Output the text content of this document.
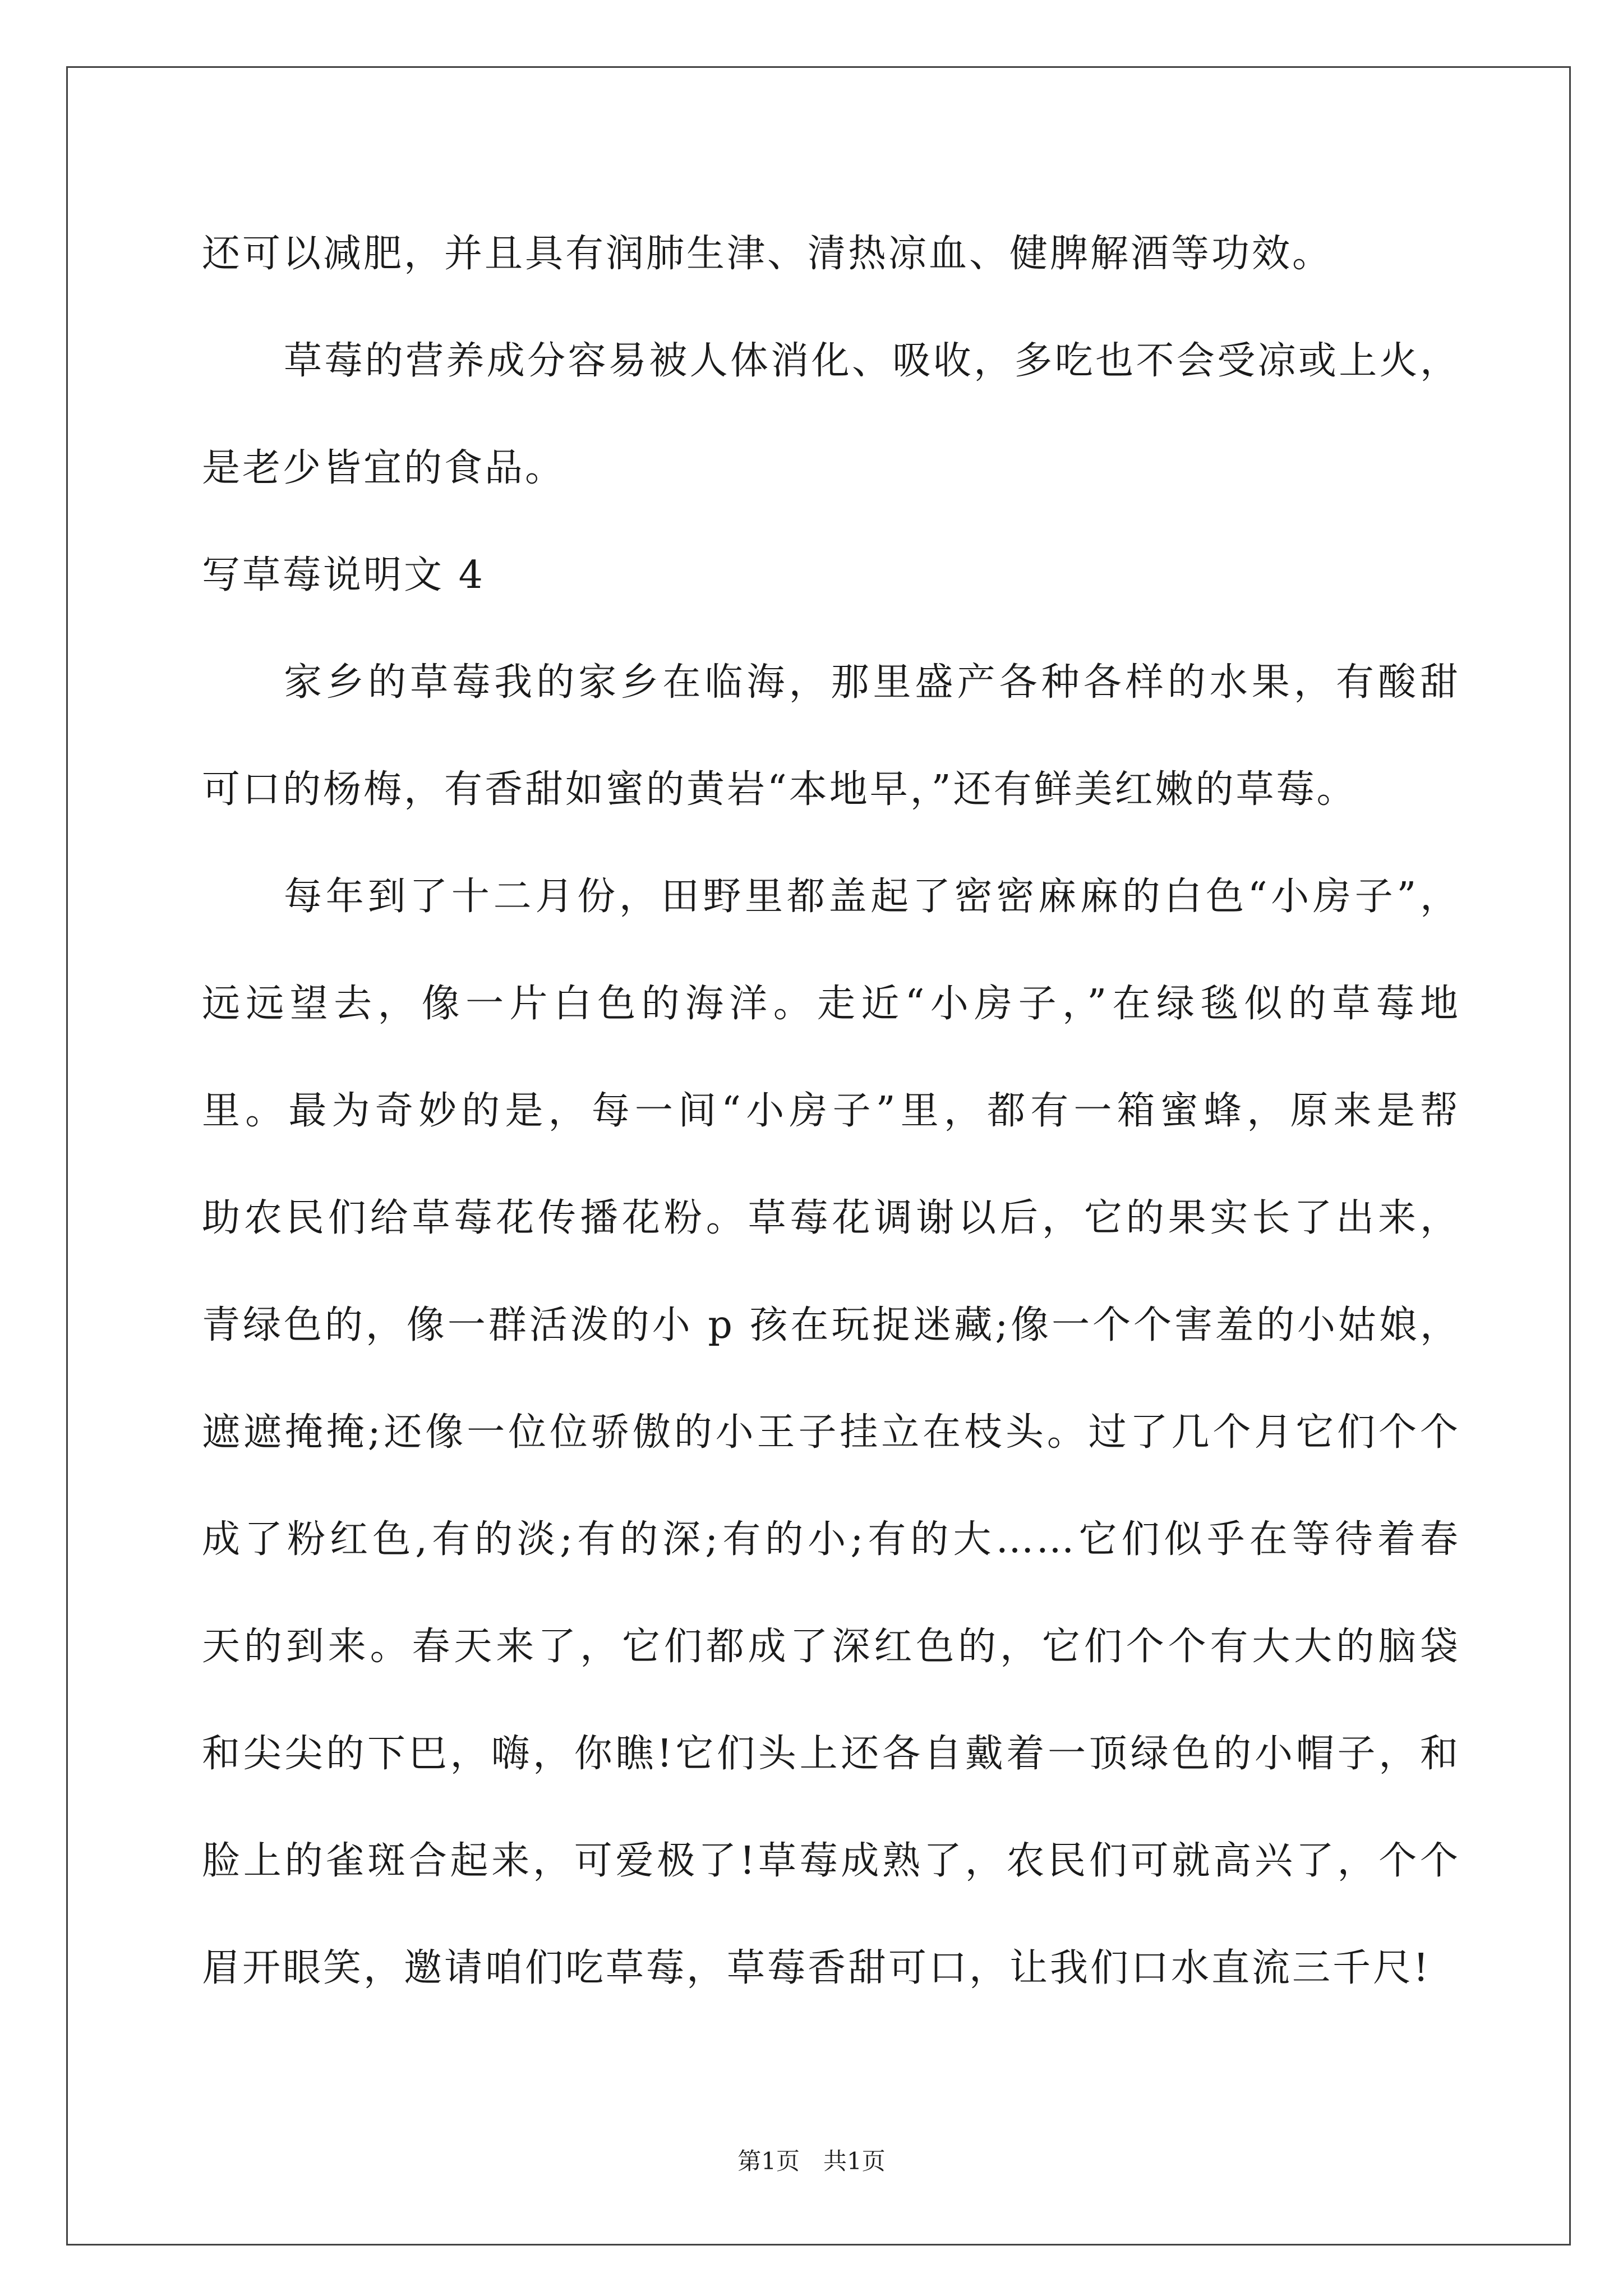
还可以减肥，并且具有润肺生津、清热凉血、健脾解酒等功效。
草莓的营养成分容易被人体消化、吸收，多吃也不会受凉或上火，
是老少皆宜的食品。
写草莓说明文 4
家乡的草莓我的家乡在临海，那里盛产各种各样的水果，有酸甜
可口的杨梅，有香甜如蜜的黄岩“本地早，”还有鲜美红嫩的草莓。
每年到了十二月份，田野里都盖起了密密麻麻的白色“小房子”，
远远望去，像一片白色的海洋。走近“小房子，”在绿毯似的草莓地
里。最为奇妙的是，每一间“小房子”里，都有一箱蜜蜂，原来是帮
助农民们给草莓花传播花粉。草莓花调谢以后，它的果实长了出来，
青绿色的，像一群活泼的小 p 孩在玩捉迷藏;像一个个害羞的小姑娘，
遮遮掩掩;还像一位位骄傲的小王子挂立在枝头。过了几个月它们个个
成了粉红色,有的淡;有的深;有的小;有的大……它们似乎在等待着春
天的到来。春天来了，它们都成了深红色的，它们个个有大大的脑袋
和尖尖的下巴，嗨，你瞧!它们头上还各自戴着一顶绿色的小帽子，和
脸上的雀斑合起来，可爱极了!草莓成熟了，农民们可就高兴了，个个
眉开眼笑，邀请咱们吃草莓，草莓香甜可口，让我们口水直流三千尺!
第1页　共1页
